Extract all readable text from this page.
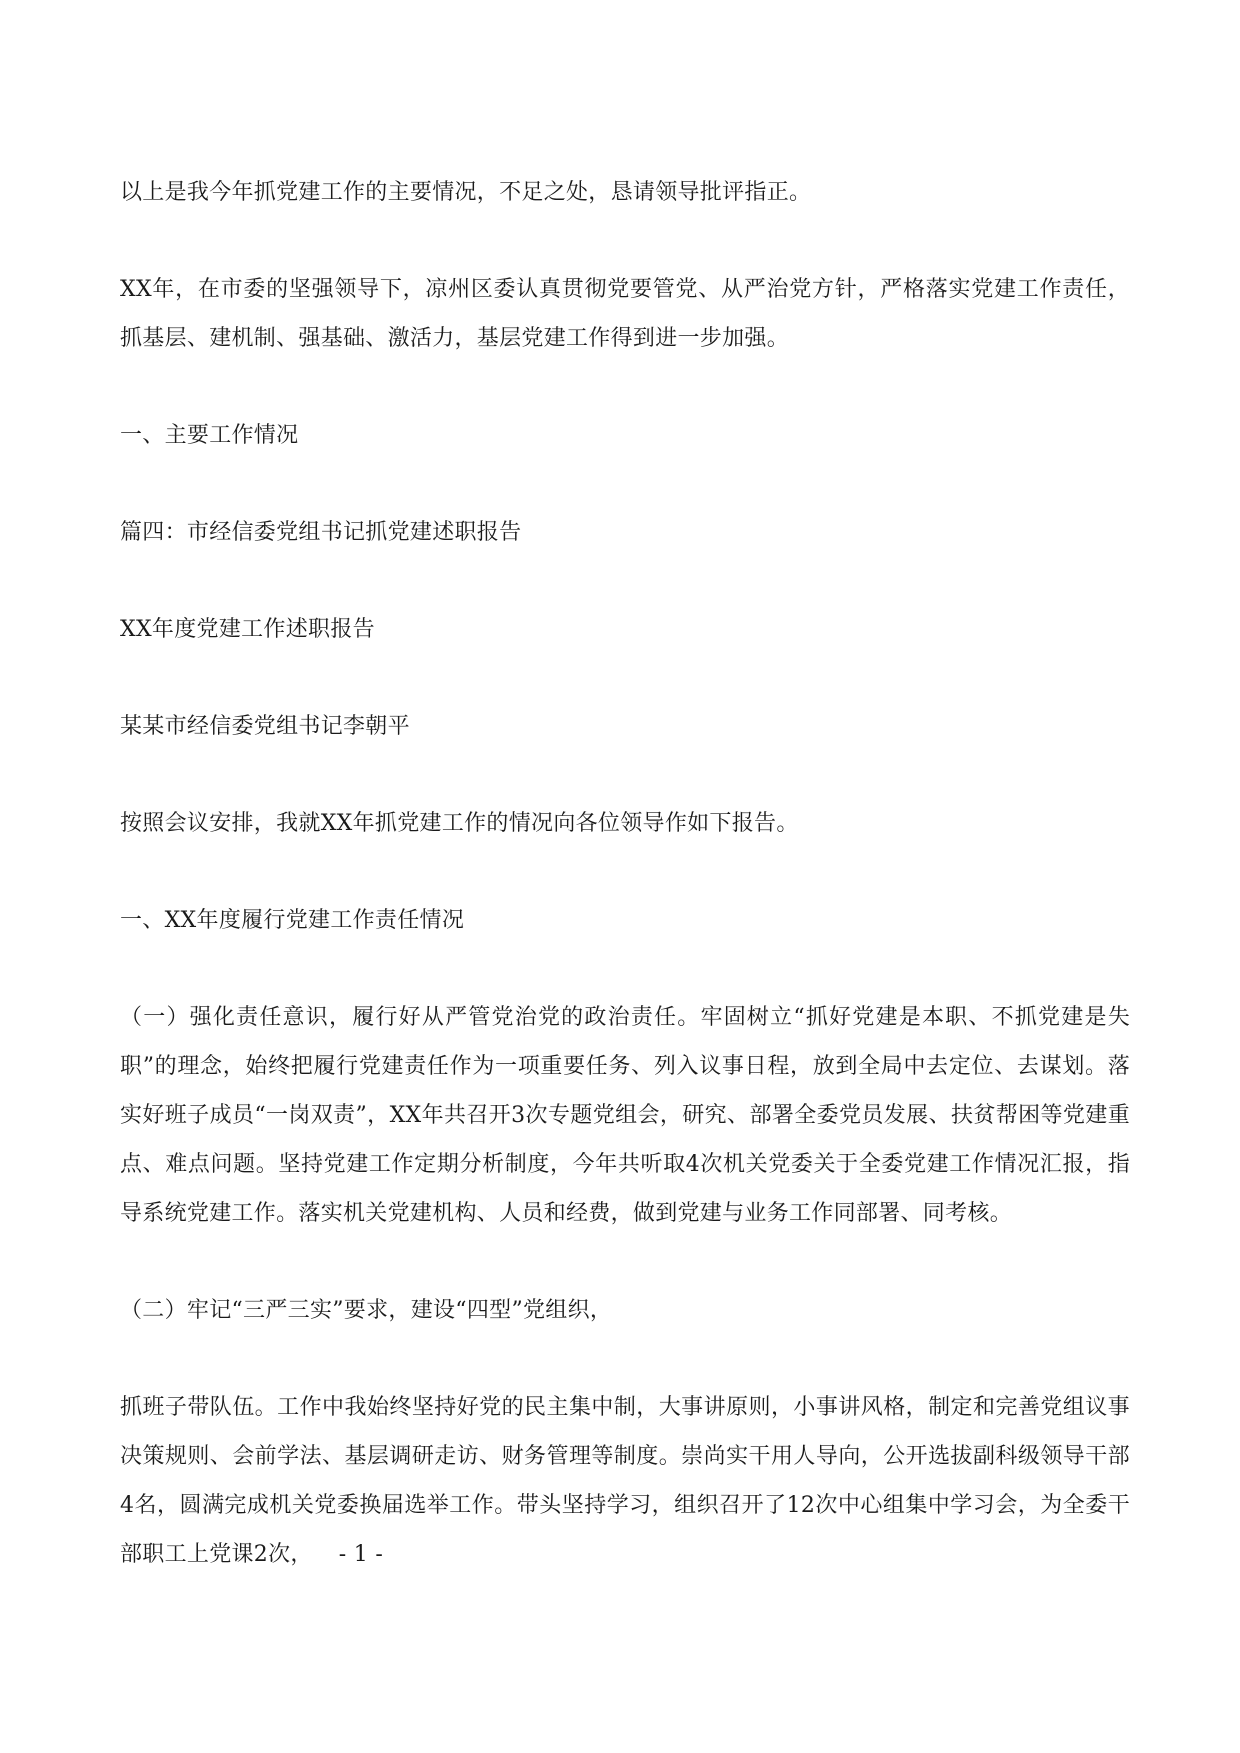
以上是我今年抓党建工作的主要情况，不足之处，恳请领导批评指正。

XX年，在市委的坚强领导下，凉州区委认真贯彻党要管党、从严治党方针，严格落实党建工作责任，抓基层、建机制、强基础、激活力，基层党建工作得到进一步加强。

一、主要工作情况

篇四：市经信委党组书记抓党建述职报告

XX年度党建工作述职报告

某某市经信委党组书记李朝平

按照会议安排，我就XX年抓党建工作的情况向各位领导作如下报告。

一、XX年度履行党建工作责任情况

（一）强化责任意识，履行好从严管党治党的政治责任。牢固树立“抓好党建是本职、不抓党建是失职”的理念，始终把履行党建责任作为一项重要任务、列入议事日程，放到全局中去定位、去谋划。落实好班子成员“一岗双责”，XX年共召开3次专题党组会，研究、部署全委党员发展、扶贫帮困等党建重点、难点问题。坚持党建工作定期分析制度，今年共听取4次机关党委关于全委党建工作情况汇报，指导系统党建工作。落实机关党建机构、人员和经费，做到党建与业务工作同部署、同考核。

（二）牢记“三严三实”要求，建设“四型”党组织，

抓班子带队伍。工作中我始终坚持好党的民主集中制，大事讲原则，小事讲风格，制定和完善党组议事决策规则、会前学法、基层调研走访、财务管理等制度。崇尚实干用人导向，公开选拔副科级领导干部4名，圆满完成机关党委换届选举工作。带头坚持学习，组织召开了12次中心组集中学习会，为全委干部职工上党课2次， - 1 -
